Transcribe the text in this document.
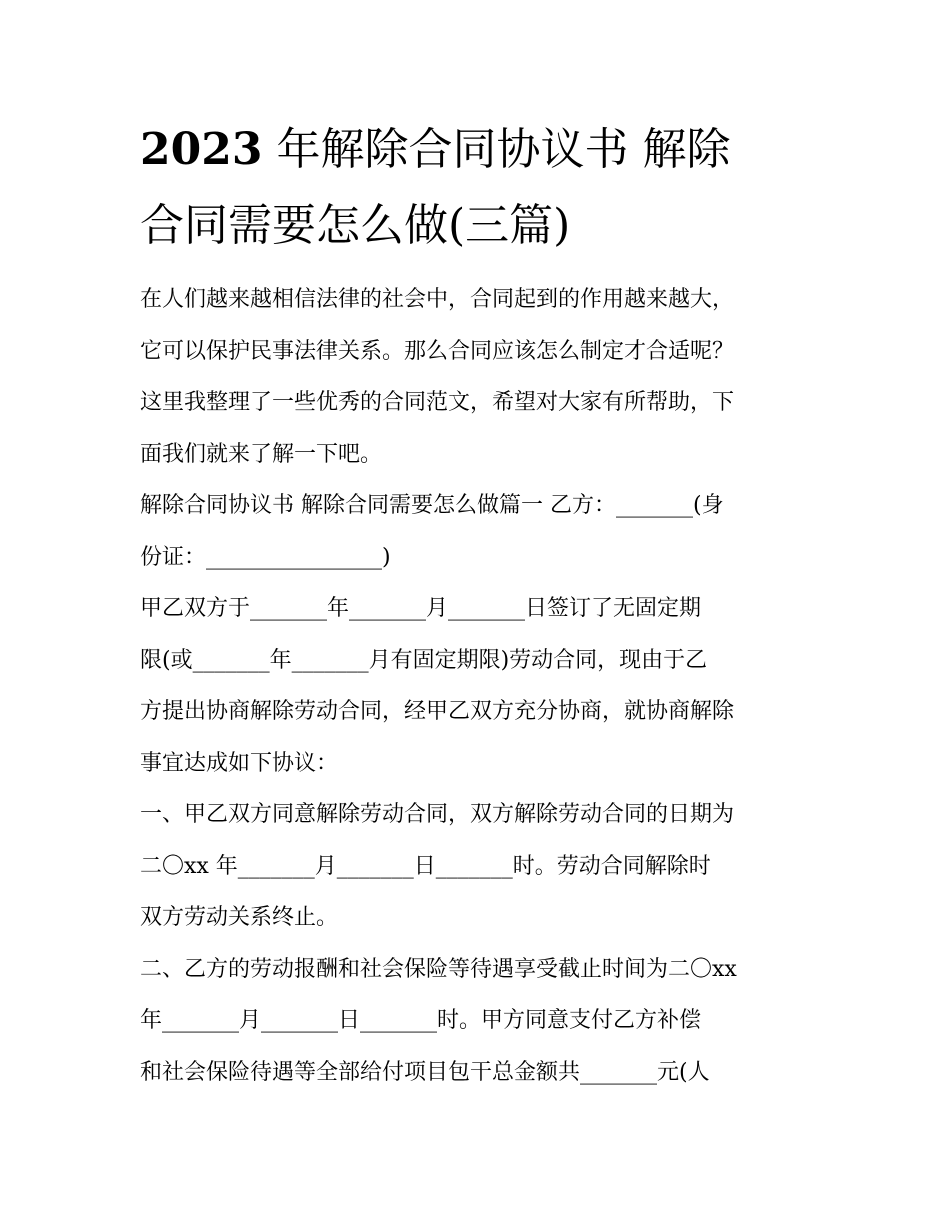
2023 年解除合同协议书 解除
合同需要怎么做(三篇)
在人们越来越相信法律的社会中，合同起到的作用越来越大，
它可以保护民事法律关系。那么合同应该怎么制定才合适呢？
这里我整理了一些优秀的合同范文，希望对大家有所帮助，下
面我们就来了解一下吧。
解除合同协议书 解除合同需要怎么做篇一 乙方：_______(身
份证：________________)
甲乙双方于_______年_______月_______日签订了无固定期
限(或_______年_______月有固定期限)劳动合同，现由于乙
方提出协商解除劳动合同，经甲乙双方充分协商，就协商解除
事宜达成如下协议：
一、甲乙双方同意解除劳动合同，双方解除劳动合同的日期为
二〇xx 年_______月_______日_______时。劳动合同解除时
双方劳动关系终止。
二、乙方的劳动报酬和社会保险等待遇享受截止时间为二〇xx
年_______月_______日_______时。甲方同意支付乙方补偿
和社会保险待遇等全部给付项目包干总金额共_______元(人
